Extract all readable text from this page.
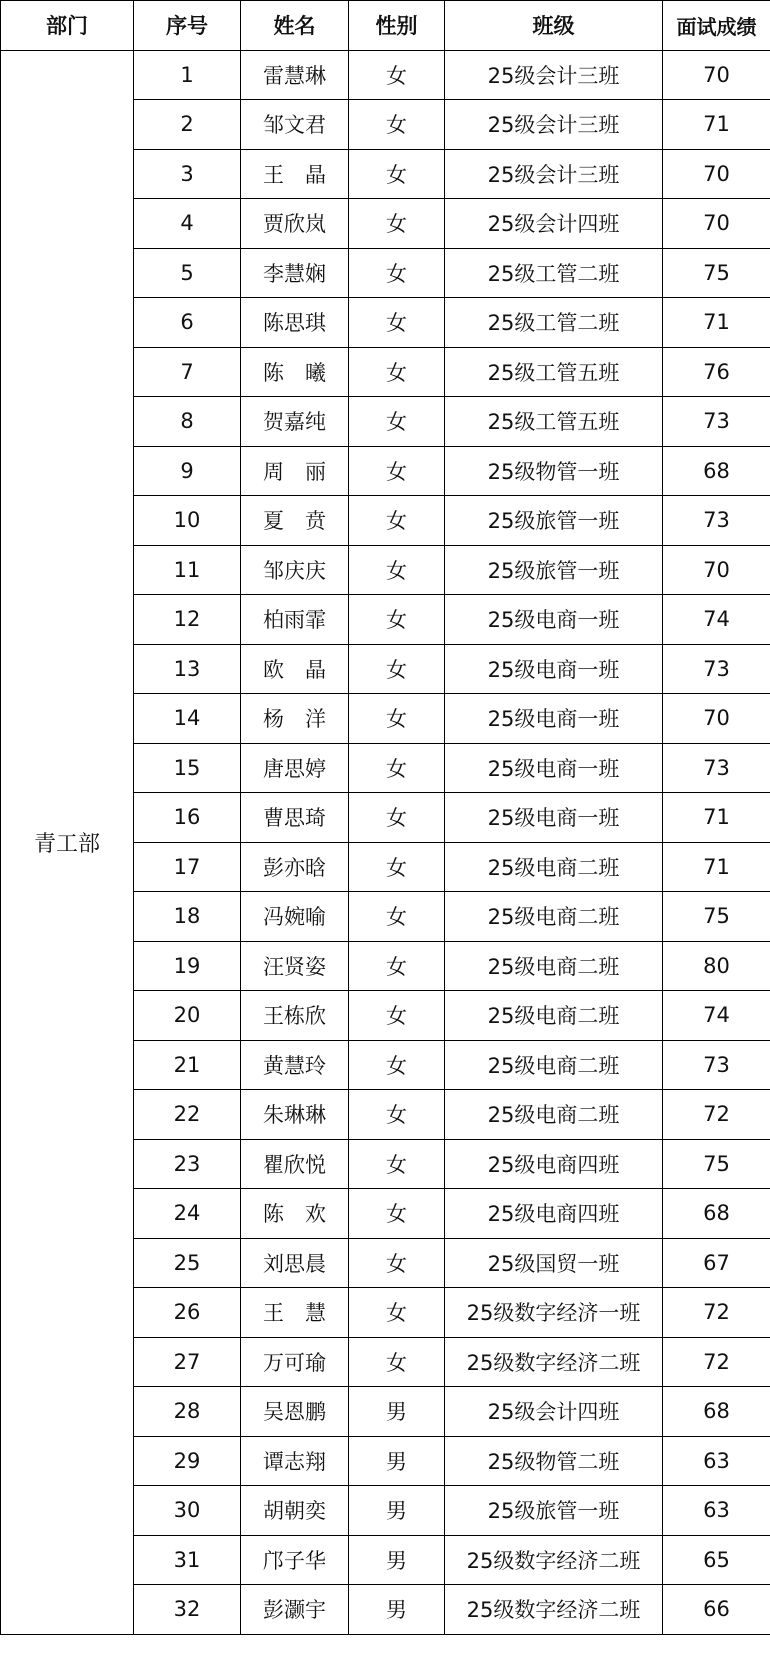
部门	序号	姓名	性别	班级	面试成绩
青工部	1	雷慧琳	女	25级会计三班	70
	2	邹文君	女	25级会计三班	71
	3	王　晶	女	25级会计三班	70
	4	贾欣岚	女	25级会计四班	70
	5	李慧娴	女	25级工管二班	75
	6	陈思琪	女	25级工管二班	71
	7	陈　曦	女	25级工管五班	76
	8	贺嘉纯	女	25级工管五班	73
	9	周　丽	女	25级物管一班	68
	10	夏　贲	女	25级旅管一班	73
	11	邹庆庆	女	25级旅管一班	70
	12	柏雨霏	女	25级电商一班	74
	13	欧　晶	女	25级电商一班	73
	14	杨　洋	女	25级电商一班	70
	15	唐思婷	女	25级电商一班	73
	16	曹思琦	女	25级电商一班	71
	17	彭亦晗	女	25级电商二班	71
	18	冯婉喻	女	25级电商二班	75
	19	汪贤姿	女	25级电商二班	80
	20	王栋欣	女	25级电商二班	74
	21	黄慧玲	女	25级电商二班	73
	22	朱琳琳	女	25级电商二班	72
	23	瞿欣悦	女	25级电商四班	75
	24	陈　欢	女	25级电商四班	68
	25	刘思晨	女	25级国贸一班	67
	26	王　慧	女	25级数字经济一班	72
	27	万可瑜	女	25级数字经济二班	72
	28	吴恩鹏	男	25级会计四班	68
	29	谭志翔	男	25级物管二班	63
	30	胡朝奕	男	25级旅管一班	63
	31	邝子华	男	25级数字经济二班	65
	32	彭灏宇	男	25级数字经济二班	66
